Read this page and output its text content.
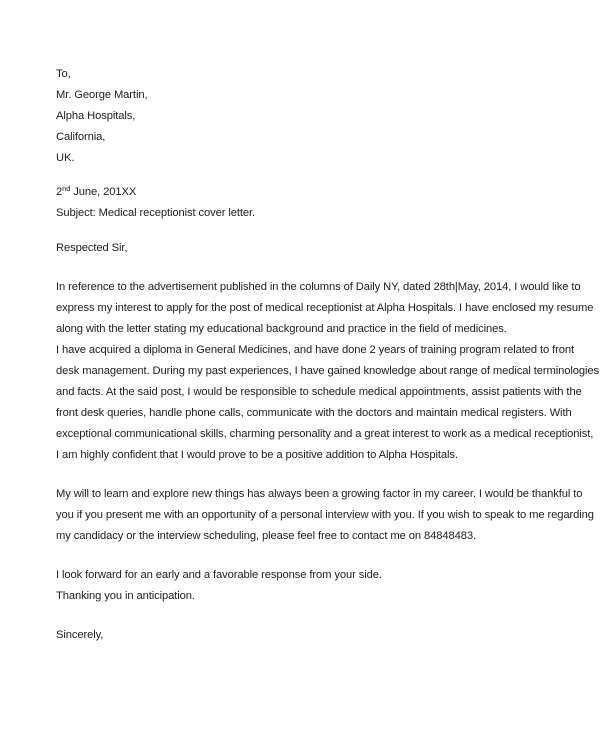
To,
Mr. George Martin,
Alpha Hospitals,
California,
UK.
2nd June, 201XX
Subject: Medical receptionist cover letter.
Respected Sir,
In reference to the advertisement published in the columns of Daily NY, dated 28th|May, 2014, I would like to
express my interest to apply for the post of medical receptionist at Alpha Hospitals. I have enclosed my resume
along with the letter stating my educational background and practice in the field of medicines.
I have acquired a diploma in General Medicines, and have done 2 years of training program related to front
desk management. During my past experiences, I have gained knowledge about range of medical terminologies
and facts. At the said post, I would be responsible to schedule medical appointments, assist patients with the
front desk queries, handle phone calls, communicate with the doctors and maintain medical registers. With
exceptional communicational skills, charming personality and a great interest to work as a medical receptionist,
I am highly confident that I would prove to be a positive addition to Alpha Hospitals.
My will to learn and explore new things has always been a growing factor in my career. I would be thankful to
you if you present me with an opportunity of a personal interview with you. If you wish to speak to me regarding
my candidacy or the interview scheduling, please feel free to contact me on 84848483.
I look forward for an early and a favorable response from your side.
Thanking you in anticipation.
Sincerely,
